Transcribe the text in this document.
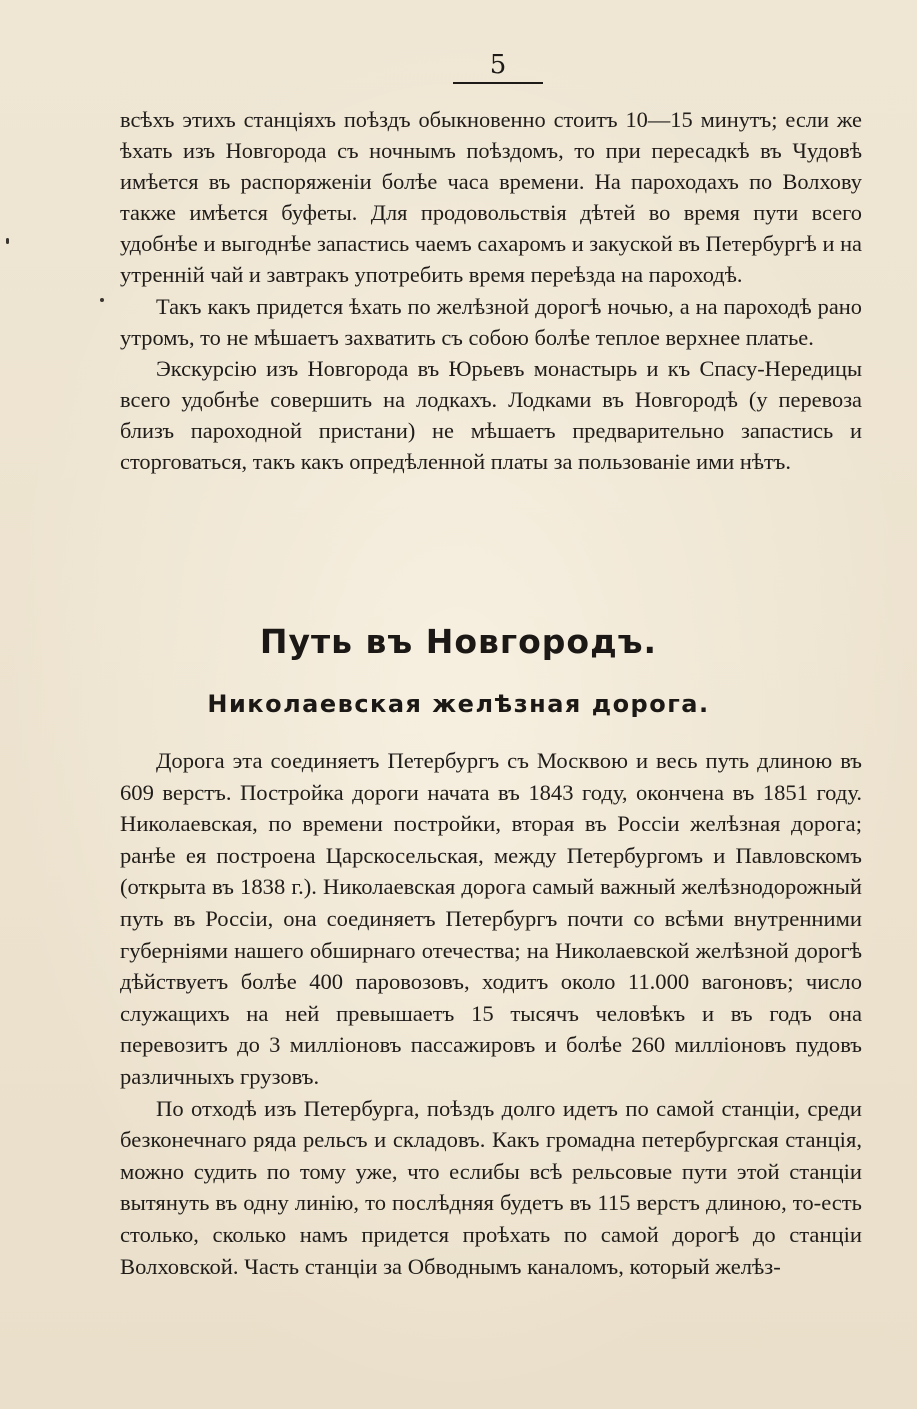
5

всѣхъ этихъ станціяхъ поѣздъ обыкновенно стоитъ 10—15 минутъ; если же ѣхать изъ Новгорода съ ночнымъ поѣздомъ, то при пересадкѣ въ Чудовѣ имѣется въ распоряженіи болѣе часа времени. На пароходахъ по Волхову также имѣется буфеты. Для продовольствія дѣтей во время пути всего удобнѣе и выгоднѣе запастись чаемъ сахаромъ и закуской въ Петербургѣ и на утренній чай и завтракъ употребить время переѣзда на пароходѣ.

Такъ какъ придется ѣхать по желѣзной дорогѣ ночью, а на пароходѣ рано утромъ, то не мѣшаетъ захватить съ собою болѣе теплое верхнее платье.

Экскурсію изъ Новгорода въ Юрьевъ монастырь и къ Спасу-Нередицы всего удобнѣе совершить на лодкахъ. Лодками въ Новгородѣ (у перевоза близъ пароходной пристани) не мѣшаетъ предварительно запастись и сторговаться, такъ какъ опредѣленной платы за пользованіе ими нѣтъ.

Путь въ Новгородъ.
Николаевская желѣзная дорога.

Дорога эта соединяетъ Петербургъ съ Москвою и весь путь длиною въ 609 верстъ. Постройка дороги начата въ 1843 году, окончена въ 1851 году. Николаевская, по времени постройки, вторая въ Россіи желѣзная дорога; ранѣе ея построена Царскосельская, между Петербургомъ и Павловскомъ (открыта въ 1838 г.). Николаевская дорога самый важный желѣзнодорожный путь въ Россіи, она соединяетъ Петербургъ почти со всѣми внутренними губерніями нашего обширнаго отечества; на Николаевской желѣзной дорогѣ дѣйствуетъ болѣе 400 паровозовъ, ходитъ около 11.000 вагоновъ; число служащихъ на ней превышаетъ 15 тысячъ человѣкъ и въ годъ она перевозитъ до 3 милліоновъ пассажировъ и болѣе 260 милліоновъ пудовъ различныхъ грузовъ.

По отходѣ изъ Петербурга, поѣздъ долго идетъ по самой станціи, среди безконечнаго ряда рельсъ и складовъ. Какъ громадна петербургская станція, можно судить по тому уже, что еслибы всѣ рельсовые пути этой станціи вытянуть въ одну линію, то послѣдняя будетъ въ 115 верстъ длиною, то-есть столько, сколько намъ придется проѣхать по самой дорогѣ до станціи Волховской. Часть станціи за Обводнымъ каналомъ, который желѣз-
